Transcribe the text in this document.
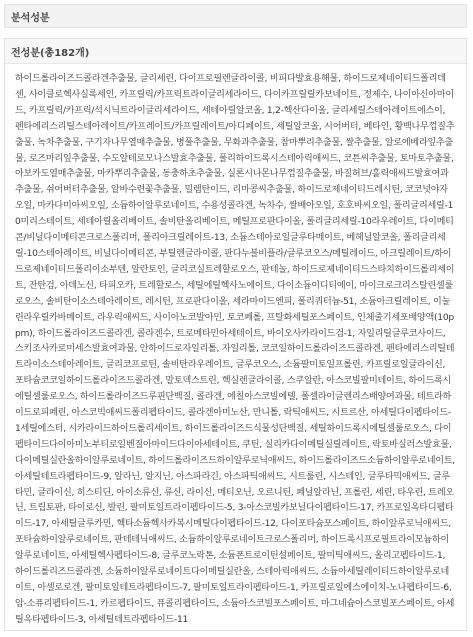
분석성분
전성분(총182개)

하이드롤라이즈드콜라겐추출물, 글리세린, 다이프로필렌글라이콜, 비피다발효용해물, 하이드로제네이티드폴리데센, 사이클로헥사실록세인, 카프릴릭/카프릭트라이글리세라이드, 다이카프릴릴카보네이트, 정제수, 나이아신아마이드, 카프릴릭/카프릭/석시닉트라이글리세라이드, 세테아릴알코올, 1,2-헥산다이올, 글리세릴스테아레이트에스이, 펜타에리스리틸스테아레이트/카프레이트/카프릴레이트/아디페이트, 세틸알코올, 시어버터, 베타인, 황백나무껍질추출물, 녹차추출물, 구기자나무열매추출물, 병풀추출물, 무화과추출물, 참마뿌리추출물, 쌀추출물, 알로에베라잎추출물, 로즈마리잎추출물, 수도알테로모나스발효추출물, 폴리하이드록시스테아릭애씨드, 코튼씨추출물, 토마토추출물, 아보카도열매추출물, 마카뿌리추출물, 동충하초추출물, 실론시나몬나무껍질추출물, 바질허브/홀릭애씨드발효여과추출물, 쉬어버터추출물, 알바수련꽃추출물, 밀렘탄이드, 리마콩씨추출물, 하이드로제네이티드레시틴, 코코넛야자오일, 마카다미아씨오일, 소듐하이알루로네이트, 수용성콜라겐, 녹차수, 쌀배아오일, 호호바씨오일, 폴리글리세릴-10미리스테이트, 세테아릴올리베이트, 솔비탄올리베이트, 메틸프로판다이올, 폴리글리세릴-10라우레이트, 다이메티콘/비닐다이메티콘크로스폴리머, 폴리아크릴레이트-13, 소듐스테아로일글루타메이트, 베헤닐알코올, 폴리글리세릴-10스테아레이트, 비닐다이메티콘, 부틸렌글라이콜, 판다누블비플라/글루코오스/메틸레이드, 아크릴레이트/하이드로제네이티드폴리이소부텐, 알란토인, 글리코실트레할로오스, 판테놀, 하이드로제네이티드스타치하이드롤리세이트, 잔탄검, 아데노신, 타피오카, 트레할로스, 세틸에틸헥사노에이트, 다이소듐이디티에이, 마이크로크리스탈린셀룰로오스, 솔비탄이소스테아레이트, 레시틴, 프로판다이올, 세라마이드엔피, 폴리쿼터늄-51, 소듐아크릴레이트, 이눌린라우릴카바메이트, 라우릭애씨드, 사이아노코발아민, 토코페롤, 프탈화세틸포스페이트, 인체줄기세포배양액(10ppm), 하이드롤라이즈드콜라겐, 콜라겐수, 트로메타민아세테이트, 바이오사카라이드검-1, 자일리틸글루코사이드, 스키조사카로미세스발효여과물, 안하이드로자일리톨, 자일리톨, 코코일하이드롤라이즈드콜라겐, 펜타에리스리틸테트라이소스테아레이트, 글리코프로틴, 솔비탄라우레이트, 글루코오스, 소듐팔미토일프롤린, 카프릴로일글라이신, 포타슘코코일하이드롤라이즈드콜라겐, 말토덱스트린, 헥실렌글라이콜, 스쿠알란, 아스코빌팔미테이트, 하이드록시에틸셀룰로오스, 하이드롤라이즈드루핀단백질, 콜라겐, 에칠아스코빌에텔, 폴셀라이글렌리스배양여과물, 테트라하이드로피페린, 아스코빅애씨드폴리펩타이드, 콜라겐아미노산, 만니톨, 락틱애씨드, 시트르산, 아세틸다이펩타이드-1세틸에스터, 시카라이드하이드롤리세이트, 하이드롤라이즈드식물성단백질, 세틸하이드록시에틸셀룰로오스, 다이펩타이드다이아미노부티로일벤질아마이드다이아세테이트, 쿠틴, 실리카다이메틸실릴레이트, 락토바실러스발효물, 다이메틸실란올하이알루로네이트, 하이드롤라이즈드하이알루로닉애씨드, 하이드롤라이즈드소듐하이알루로네이트, 아세틸테트라펩타이드-9, 알라닌, 알지닌, 아스파라긴, 아스파틱애씨드, 시트룰린, 시스테인, 글루타믹애씨드, 글루타민, 글라이신, 히스티딘, 아이소류신, 류신, 라이신, 메티오닌, 오르니틴, 페닐알라닌, 프롤린, 세린, 타우린, 트레오닌, 트립토판, 타이로신, 발린, 팔미토일트라이펩타이드-5, 3-아스코빌카보닐다이펩타이드-17, 카프로일옥타디펩타이드-17, 아세틸글루카민, 헥타소듐헥사카복시메틸다이펩타이드-12, 다이포타슘포스페이트, 하이알루로닉애씨드, 포타슘하이알루로네이트, 판테테닉애씨드, 소듐하이알루로네이트크로스폴리머, 하이드록시프로필트라이모늄하이알루로네이트, 아세틸헥사펩타이드-8, 글루코노락톤, 소듐폰트로이틴설페이트, 팔미틱애씨드, 올리고펩타이드-1, 하이드롤리즈드콜라겐, 소듐하이알루로네이트다이메틸실란올, 스테아릭애씨드, 소듐아세틸레이티드하이알루로네이트, 아셀로로겐, 팔미토일테트라펩타이드-7, 팔미토일트라이펩타이드-1, 카프릴로일에스에이치-노나펩타이드-6, 암-소퓨리펩타이드-1, 카르펩타이드, 퓨콜리펩타이드, 소듐아스코빌포스페이트, 마그네슘아스코빌포스페이트, 아세틸옥타펩타이드-3, 아세틸테트라펩타이드-11
